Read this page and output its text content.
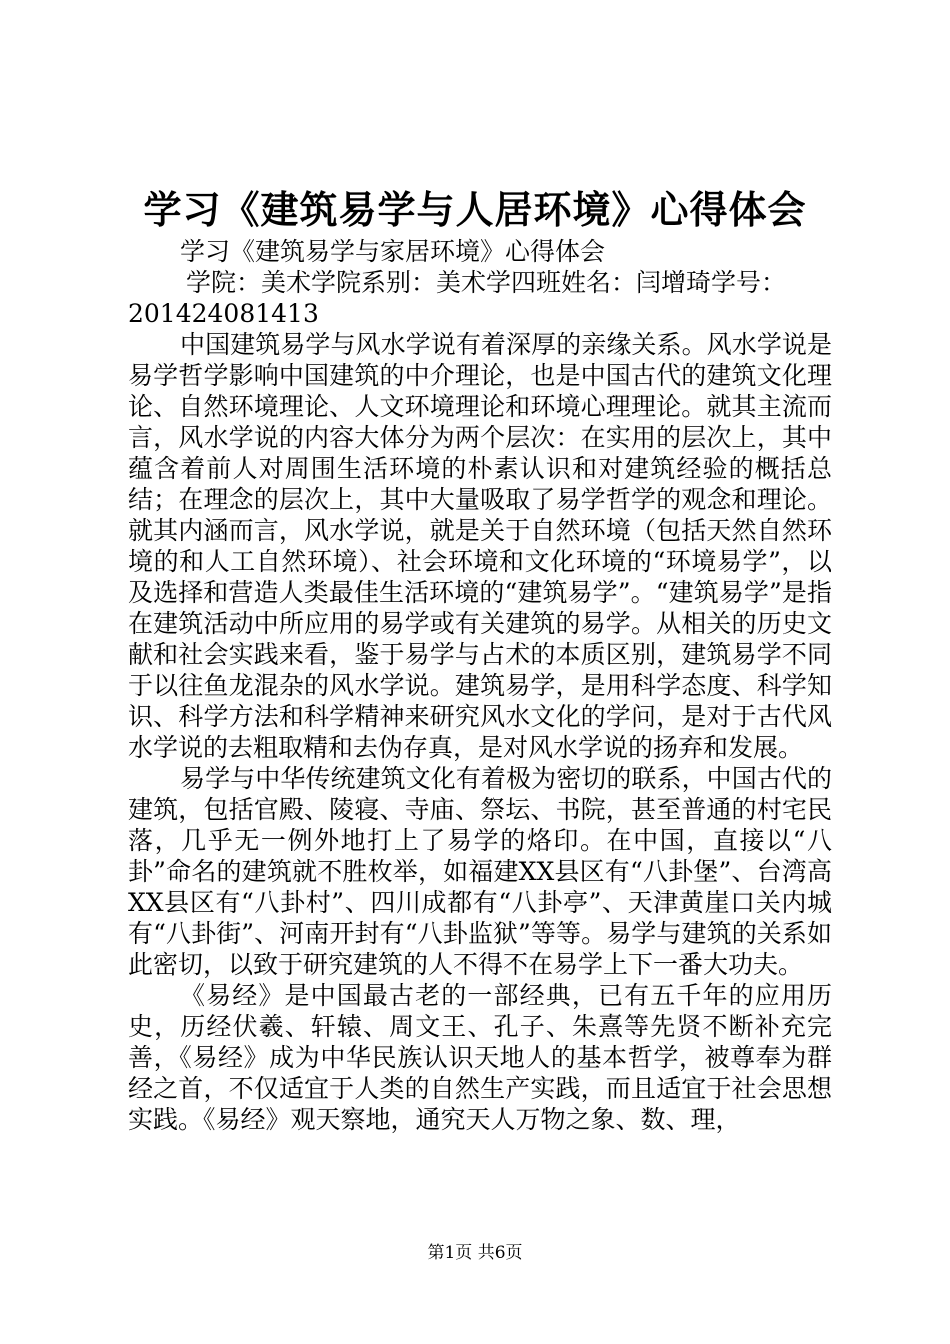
学习《建筑易学与人居环境》心得体会

学习《建筑易学与家居环境》心得体会

学院：美术学院系别：美术学四班姓名：闫增琦学号：

201424081413

中国建筑易学与风水学说有着深厚的亲缘关系。风水学说是易学哲学影响中国建筑的中介理论，也是中国古代的建筑文化理论、自然环境理论、人文环境理论和环境心理理论。就其主流而言，风水学说的内容大体分为两个层次：在实用的层次上，其中蕴含着前人对周围生活环境的朴素认识和对建筑经验的概括总结；在理念的层次上，其中大量吸取了易学哲学的观念和理论。就其内涵而言，风水学说，就是关于自然环境（包括天然自然环境的和人工自然环境）、社会环境和文化环境的“环境易学”，以及选择和营造人类最佳生活环境的“建筑易学”。“建筑易学”是指在建筑活动中所应用的易学或有关建筑的易学。从相关的历史文献和社会实践来看，鉴于易学与占术的本质区别，建筑易学不同于以往鱼龙混杂的风水学说。建筑易学，是用科学态度、科学知识、科学方法和科学精神来研究风水文化的学问，是对于古代风水学说的去粗取精和去伪存真，是对风水学说的扬弃和发展。

易学与中华传统建筑文化有着极为密切的联系，中国古代的建筑，包括官殿、陵寝、寺庙、祭坛、书院，甚至普通的村宅民落，几乎无一例外地打上了易学的烙印。在中国，直接以“八卦”命名的建筑就不胜枚举，如福建XX县区有“八卦堡”、台湾高XX县区有“八卦村”、四川成都有“八卦亭”、天津黄崖口关内城有“八卦街”、河南开封有“八卦监狱”等等。易学与建筑的关系如此密切，以致于研究建筑的人不得不在易学上下一番大功夫。

《易经》是中国最古老的一部经典，已有五千年的应用历史，历经伏羲、轩辕、周文王、孔子、朱熹等先贤不断补充完善，《易经》成为中华民族认识天地人的基本哲学，被尊奉为群经之首，不仅适宜于人类的自然生产实践，而且适宜于社会思想实践。《易经》观天察地，通究天人万物之象、数、理，

第1页 共6页
